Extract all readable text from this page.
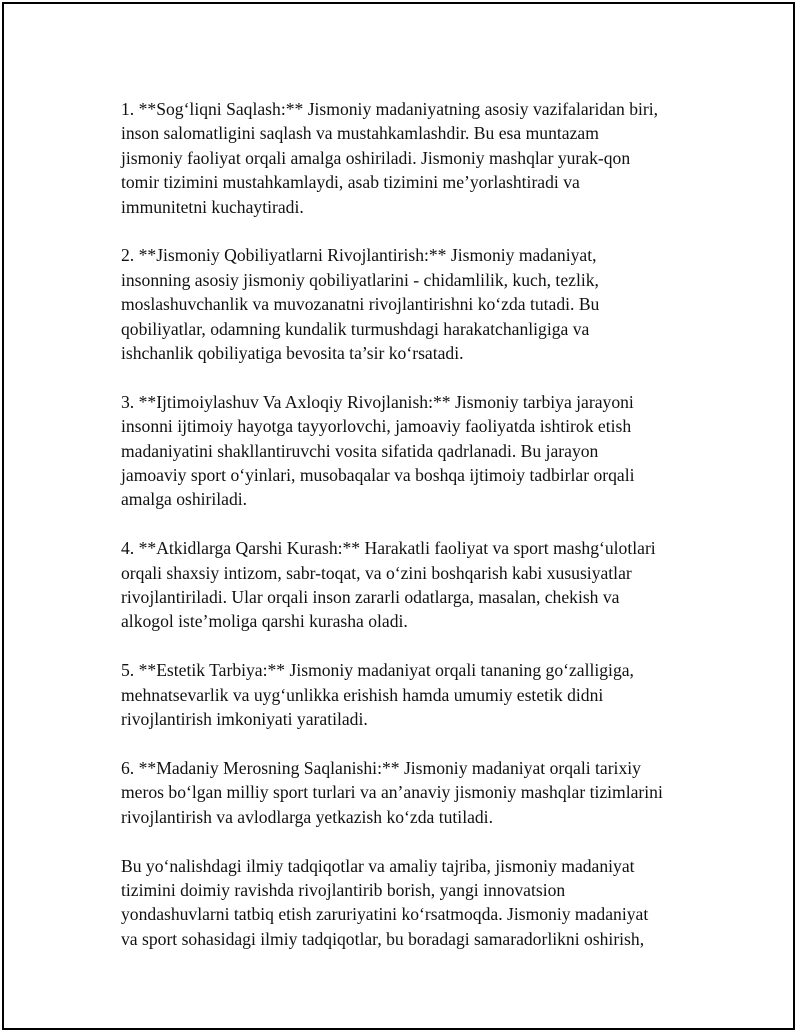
1. **Sog‘liqni Saqlash:** Jismoniy madaniyatning asosiy vazifalaridan biri,
inson salomatligini saqlash va mustahkamlashdir. Bu esa muntazam
jismoniy faoliyat orqali amalga oshiriladi. Jismoniy mashqlar yurak-qon
tomir tizimini mustahkamlaydi, asab tizimini me’yorlashtiradi va
immunitetni kuchaytiradi.

2. **Jismoniy Qobiliyatlarni Rivojlantirish:** Jismoniy madaniyat,
insonning asosiy jismoniy qobiliyatlarini - chidamlilik, kuch, tezlik,
moslashuvchanlik va muvozanatni rivojlantirishni ko‘zda tutadi. Bu
qobiliyatlar, odamning kundalik turmushdagi harakatchanligiga va
ishchanlik qobiliyatiga bevosita ta’sir ko‘rsatadi.

3. **Ijtimoiylashuv Va Axloqiy Rivojlanish:** Jismoniy tarbiya jarayoni
insonni ijtimoiy hayotga tayyorlovchi, jamoaviy faoliyatda ishtirok etish
madaniyatini shakllantiruvchi vosita sifatida qadrlanadi. Bu jarayon
jamoaviy sport o‘yinlari, musobaqalar va boshqa ijtimoiy tadbirlar orqali
amalga oshiriladi.

4. **Atkidlarga Qarshi Kurash:** Harakatli faoliyat va sport mashg‘ulotlari
orqali shaxsiy intizom, sabr-toqat, va o‘zini boshqarish kabi xususiyatlar
rivojlantiriladi. Ular orqali inson zararli odatlarga, masalan, chekish va
alkogol iste’moliga qarshi kurasha oladi.

5. **Estetik Tarbiya:** Jismoniy madaniyat orqali tananing go‘zalligiga,
mehnatsevarlik va uyg‘unlikka erishish hamda umumiy estetik didni
rivojlantirish imkoniyati yaratiladi.

6. **Madaniy Merosning Saqlanishi:** Jismoniy madaniyat orqali tarixiy
meros bo‘lgan milliy sport turlari va an’anaviy jismoniy mashqlar tizimlarini
rivojlantirish va avlodlarga yetkazish ko‘zda tutiladi.

Bu yo‘nalishdagi ilmiy tadqiqotlar va amaliy tajriba, jismoniy madaniyat
tizimini doimiy ravishda rivojlantirib borish, yangi innovatsion
yondashuvlarni tatbiq etish zaruriyatini ko‘rsatmoqda. Jismoniy madaniyat
va sport sohasidagi ilmiy tadqiqotlar, bu boradagi samaradorlikni oshirish,
